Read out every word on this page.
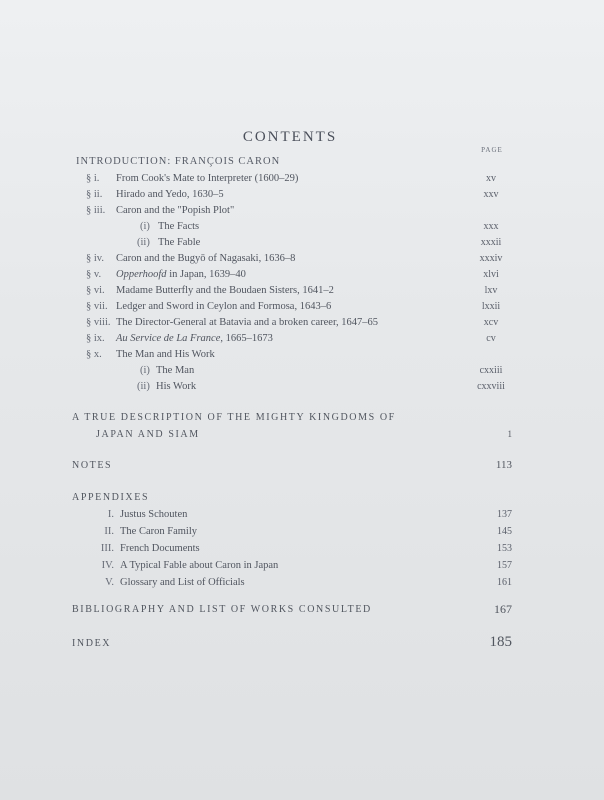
CONTENTS
PAGE
INTRODUCTION: FRANÇOIS CARON
§ i. From Cook's Mate to Interpreter (1600–29)	xv
§ ii. Hirado and Yedo, 1630–5	xxv
§ iii. Caron and the "Popish Plot"
(i) The Facts	xxx
(ii) The Fable	xxxii
§ iv. Caron and the Bugyō of Nagasaki, 1636–8	xxxiv
§ v. Opperhoofd in Japan, 1639–40	xlvi
§ vi. Madame Butterfly and the Boudaen Sisters, 1641–2	lxv
§ vii. Ledger and Sword in Ceylon and Formosa, 1643–6	lxxii
§ viii. The Director-General at Batavia and a broken career, 1647–65	xcv
§ ix. Au Service de La France, 1665–1673	cv
§ x. The Man and His Work
(i) The Man	cxxiii
(ii) His Work	cxxviii
A TRUE DESCRIPTION OF THE MIGHTY KINGDOMS OF
JAPAN AND SIAM	1
NOTES	113
APPENDIXES
I. Justus Schouten	137
II. The Caron Family	145
III. French Documents	153
IV. A Typical Fable about Caron in Japan	157
V. Glossary and List of Officials	161
BIBLIOGRAPHY AND LIST OF WORKS CONSULTED	167
INDEX	185
